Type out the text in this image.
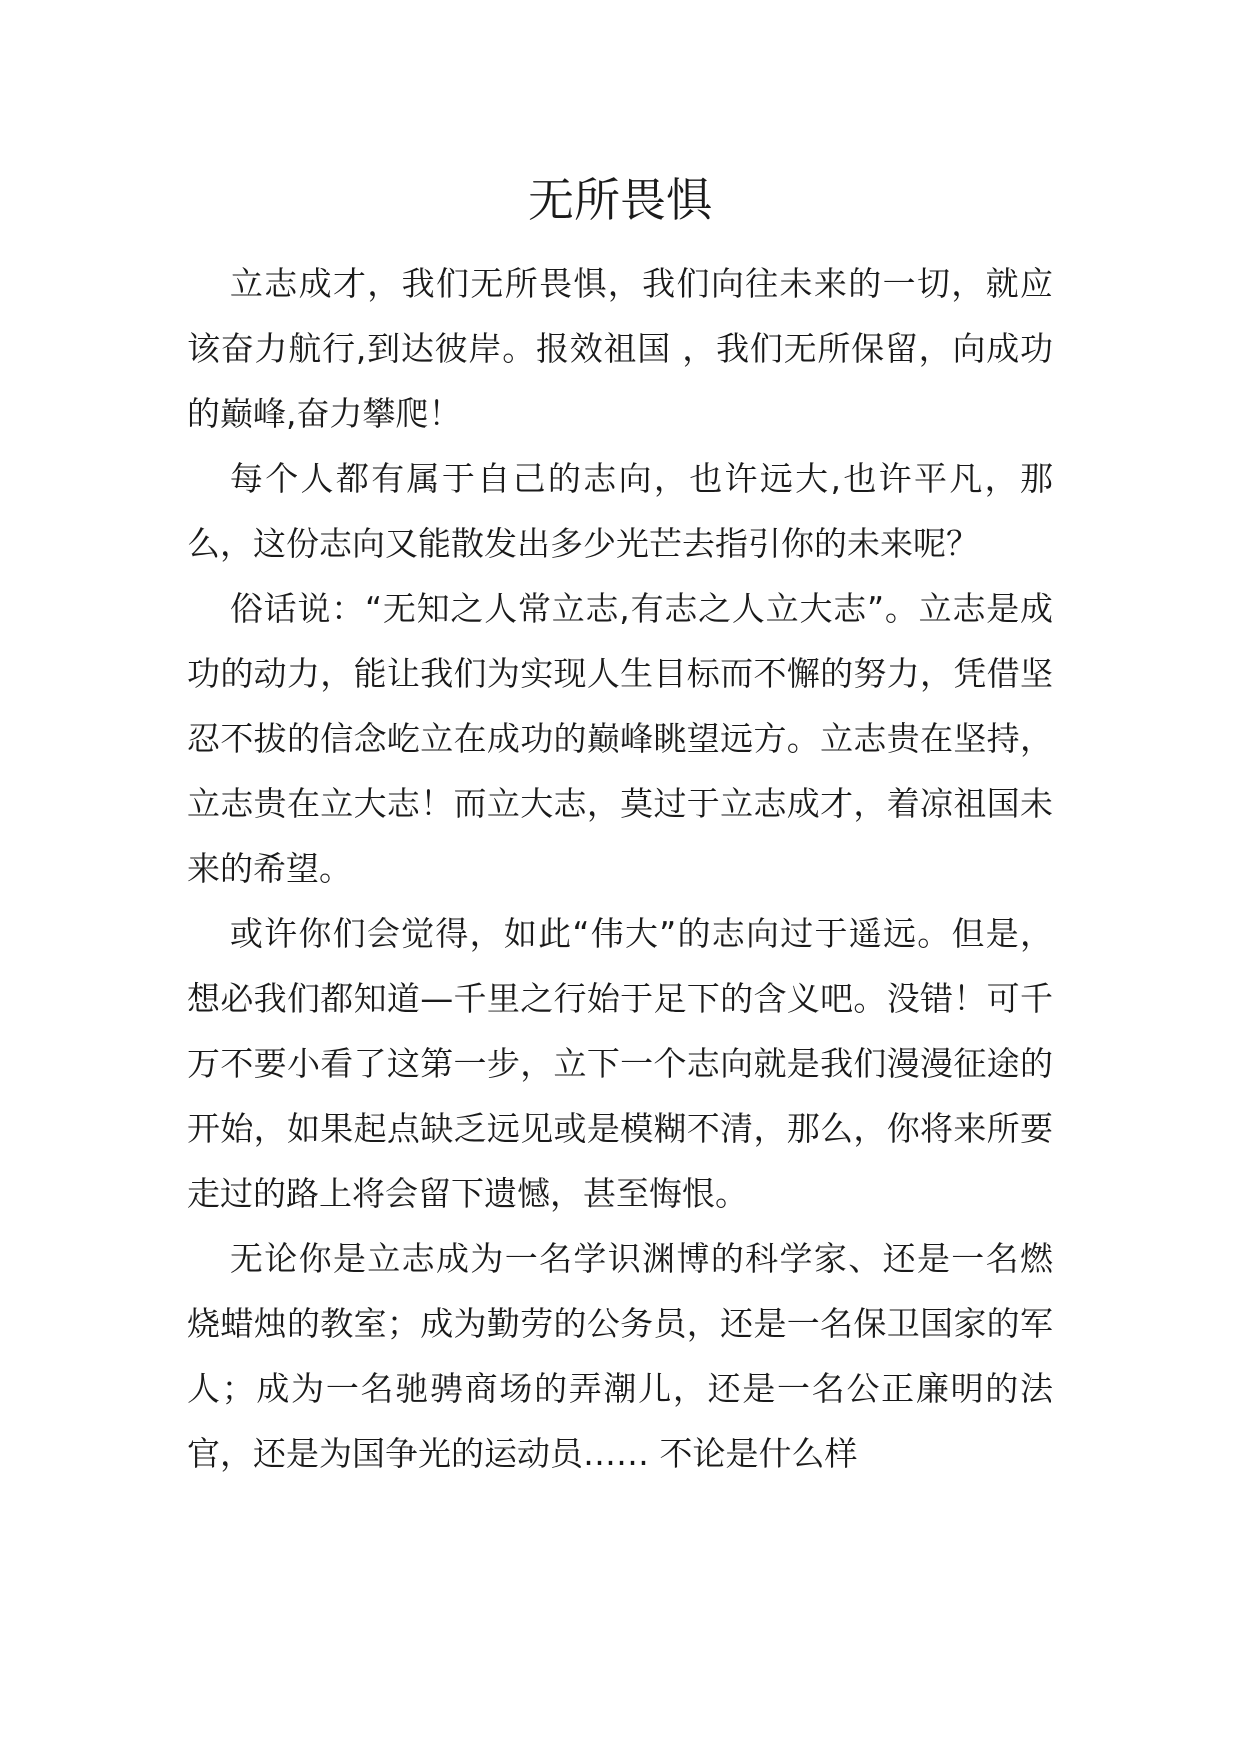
无所畏惧

立志成才，我们无所畏惧，我们向往未来的一切，就应该奋力航行,到达彼岸。报效祖国 ，我们无所保留，向成功的巅峰,奋力攀爬！

每个人都有属于自己的志向，也许远大,也许平凡，那么，这份志向又能散发出多少光芒去指引你的未来呢？

俗话说：“无知之人常立志,有志之人立大志”。立志是成功的动力，能让我们为实现人生目标而不懈的努力，凭借坚忍不拔的信念屹立在成功的巅峰眺望远方。立志贵在坚持，立志贵在立大志！而立大志，莫过于立志成才，着凉祖国未来的希望。

或许你们会觉得，如此“伟大”的志向过于遥远。但是，想必我们都知道—千里之行始于足下的含义吧。没错！可千万不要小看了这第一步，立下一个志向就是我们漫漫征途的开始，如果起点缺乏远见或是模糊不清，那么，你将来所要走过的路上将会留下遗憾，甚至悔恨。

无论你是立志成为一名学识渊博的科学家、还是一名燃烧蜡烛的教室；成为勤劳的公务员，还是一名保卫国家的军人；成为一名驰骋商场的弄潮儿，还是一名公正廉明的法官，还是为国争光的运动员…… 不论是什么样
